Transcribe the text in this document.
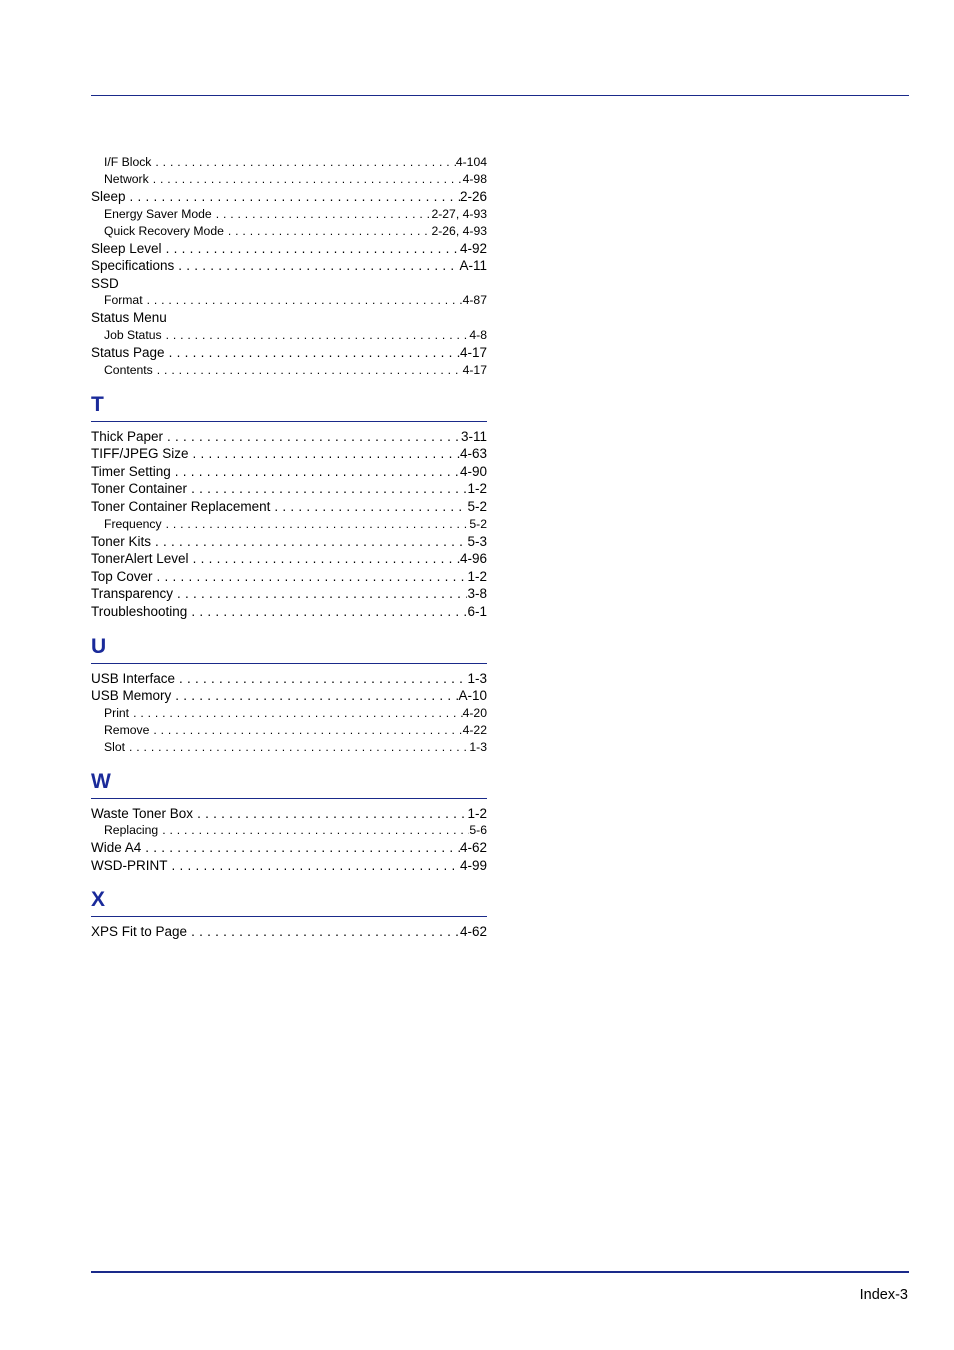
I/F Block . . .	4-104
Network . . .	4-98
Sleep . . .	2-26
Energy Saver Mode . . .	2-27, 4-93
Quick Recovery Mode . . .	2-26, 4-93
Sleep Level . . .	4-92
Specifications . . .	A-11
SSD
Format . . .	4-87
Status Menu
Job Status . . .	4-8
Status Page . . .	4-17
Contents . . .	4-17
T
Thick Paper . . .	3-11
TIFF/JPEG Size . . .	4-63
Timer Setting . . .	4-90
Toner Container . . .	1-2
Toner Container Replacement . . .	5-2
Frequency . . .	5-2
Toner Kits . . .	5-3
TonerAlert Level . . .	4-96
Top Cover . . .	1-2
Transparency . . .	3-8
Troubleshooting . . .	6-1
U
USB Interface . . .	1-3
USB Memory . . .	A-10
Print . . .	4-20
Remove . . .	4-22
Slot . . .	1-3
W
Waste Toner Box . . .	1-2
Replacing . . .	5-6
Wide A4 . . .	4-62
WSD-PRINT . . .	4-99
X
XPS Fit to Page . . .	4-62
Index-3
